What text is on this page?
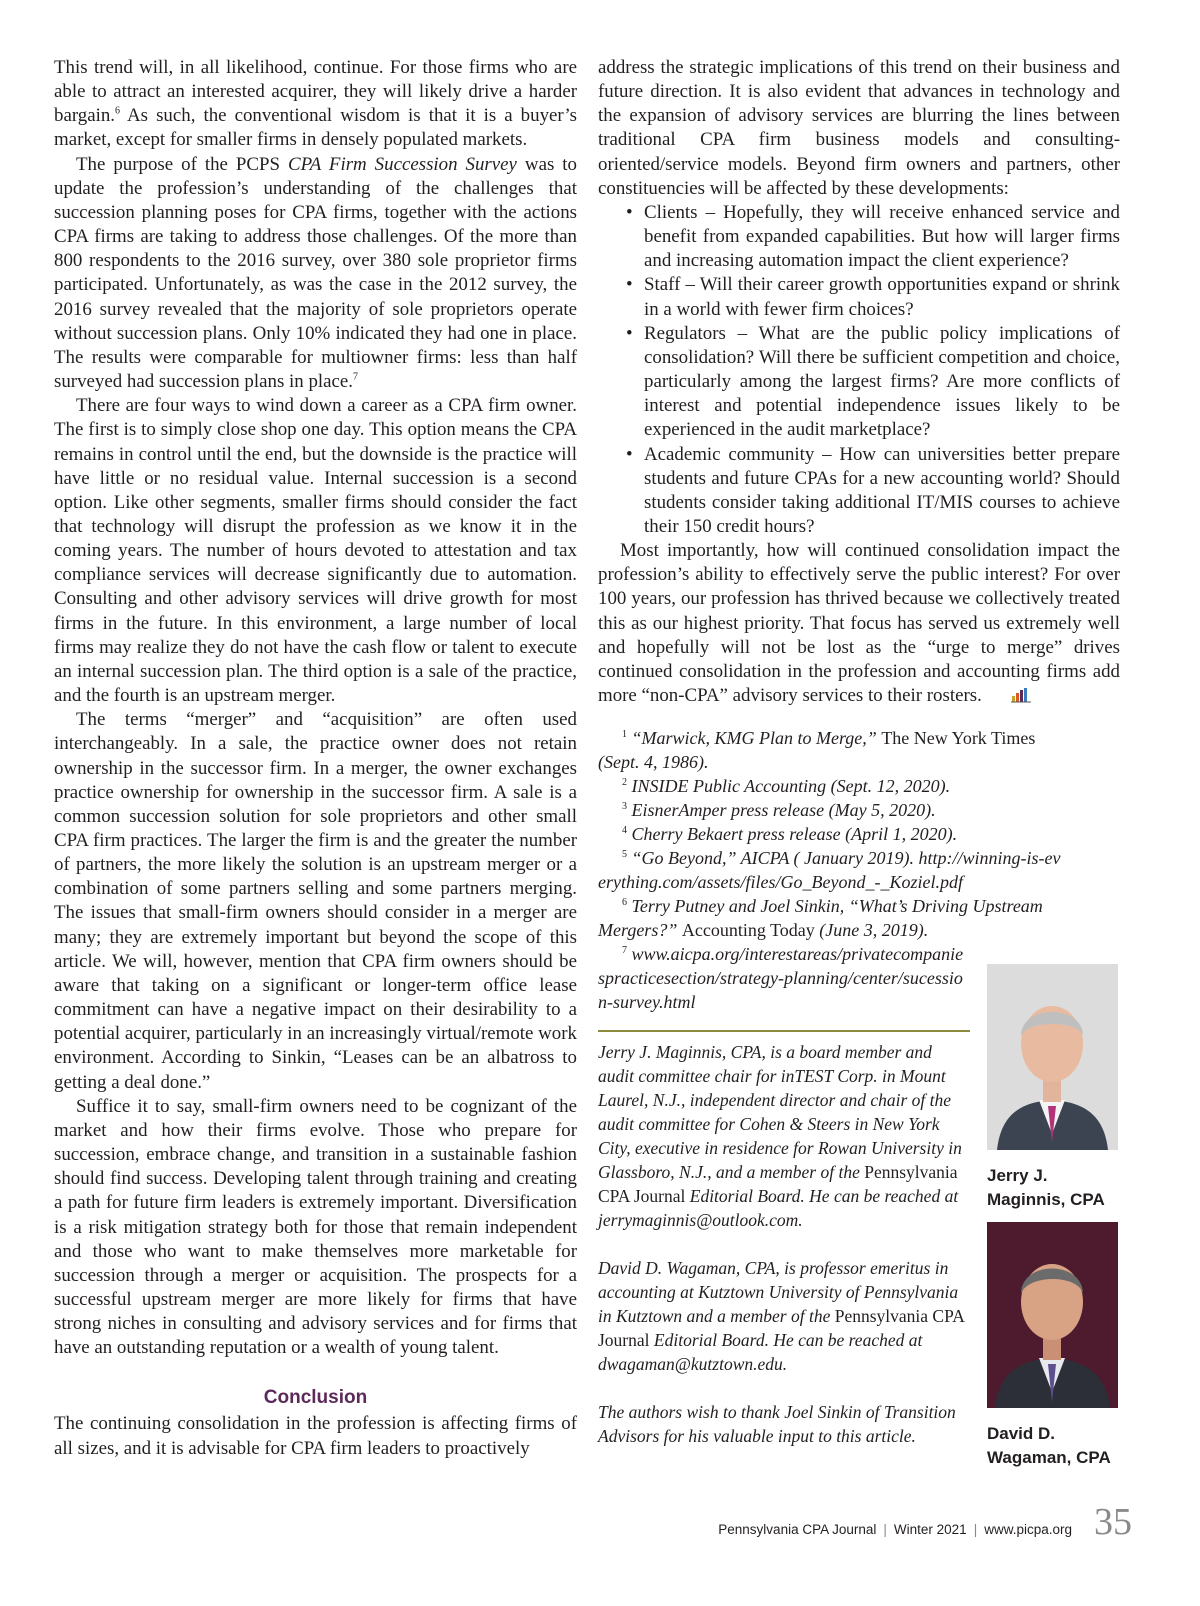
This trend will, in all likelihood, continue. For those firms who are able to attract an interested acquirer, they will likely drive a harder bargain.$^6$ As such, the conventional wisdom is that it is a buyer’s market, except for smaller firms in densely populated markets.

The purpose of the PCPS CPA Firm Succession Survey was to update the profession’s understanding of the challenges that succession planning poses for CPA firms, together with the actions CPA firms are taking to address those challenges. Of the more than 800 respondents to the 2016 survey, over 380 sole proprietor firms participated. Unfortunately, as was the case in the 2012 survey, the 2016 survey revealed that the majority of sole proprietors operate without succession plans. Only 10% indicated they had one in place. The results were comparable for multiowner firms: less than half surveyed had succession plans in place.$^7$

There are four ways to wind down a career as a CPA firm owner. The first is to simply close shop one day. This option means the CPA remains in control until the end, but the downside is the practice will have little or no residual value. Internal succession is a second option. Like other segments, smaller firms should consider the fact that technology will disrupt the profession as we know it in the coming years. The number of hours devoted to attestation and tax compliance services will decrease significantly due to automation. Consulting and other advisory services will drive growth for most firms in the future. In this environment, a large number of local firms may realize they do not have the cash flow or talent to execute an internal succession plan. The third option is a sale of the practice, and the fourth is an upstream merger.

The terms “merger” and “acquisition” are often used interchangeably. In a sale, the practice owner does not retain ownership in the successor firm. In a merger, the owner exchanges practice ownership for ownership in the successor firm. A sale is a common succession solution for sole proprietors and other small CPA firm practices. The larger the firm is and the greater the number of partners, the more likely the solution is an upstream merger or a combination of some partners selling and some partners merging. The issues that small-firm owners should consider in a merger are many; they are extremely important but beyond the scope of this article. We will, however, mention that CPA firm owners should be aware that taking on a significant or longer-term office lease commitment can have a negative impact on their desirability to a potential acquirer, particularly in an increasingly virtual/remote work environment. According to Sinkin, “Leases can be an albatross to getting a deal done.”

Suffice it to say, small-firm owners need to be cognizant of the market and how their firms evolve. Those who prepare for succession, embrace change, and transition in a sustainable fashion should find success. Developing talent through training and creating a path for future firm leaders is extremely important. Diversification is a risk mitigation strategy both for those that remain independent and those who want to make themselves more marketable for succession through a merger or acquisition. The prospects for a successful upstream merger are more likely for firms that have strong niches in consulting and advisory services and for firms that have an outstanding reputation or a wealth of young talent.

Conclusion

The continuing consolidation in the profession is affecting firms of all sizes, and it is advisable for CPA firm leaders to proactively

address the strategic implications of this trend on their business and future direction. It is also evident that advances in technology and the expansion of advisory services are blurring the lines between traditional CPA firm business models and consulting-oriented/service models. Beyond firm owners and partners, other constituencies will be affected by these developments:

• Clients – Hopefully, they will receive enhanced service and benefit from expanded capabilities. But how will larger firms and increasing automation impact the client experience?
• Staff – Will their career growth opportunities expand or shrink in a world with fewer firm choices?
• Regulators – What are the public policy implications of consolidation? Will there be sufficient competition and choice, particularly among the largest firms? Are more conflicts of interest and potential independence issues likely to be experienced in the audit marketplace?
• Academic community – How can universities better prepare students and future CPAs for a new accounting world? Should students consider taking additional IT/MIS courses to achieve their 150 credit hours?

Most importantly, how will continued consolidation impact the profession’s ability to effectively serve the public interest? For over 100 years, our profession has thrived because we collectively treated this as our highest priority. That focus has served us extremely well and hopefully will not be lost as the “urge to merge” drives continued consolidation in the profession and accounting firms add more “non-CPA” advisory services to their rosters.

$^1$ “Marwick, KMG Plan to Merge,” The New York Times (Sept. 4, 1986).

$^2$ INSIDE Public Accounting (Sept. 12, 2020).

$^3$ EisnerAmper press release (May 5, 2020).

$^4$ Cherry Bekaert press release (April 1, 2020).

$^5$ “Go Beyond,” AICPA ( January 2019). http://winning-is-everything.com/assets/files/Go_Beyond_-_Koziel.pdf

$^6$ Terry Putney and Joel Sinkin, “What’s Driving Upstream Mergers?” Accounting Today (June 3, 2019).

$^7$ www.aicpa.org/interestareas/privatecompaniespracticesection/strategy-planning/center/sucession-survey.html

Jerry J. Maginnis, CPA, is a board member and audit committee chair for inTEST Corp. in Mount Laurel, N.J., independent director and chair of the audit committee for Cohen & Steers in New York City, executive in residence for Rowan University in Glassboro, N.J., and a member of the Pennsylvania CPA Journal Editorial Board. He can be reached at jerrymaginnis@outlook.com.

David D. Wagaman, CPA, is professor emeritus in accounting at Kutztown University of Pennsylvania in Kutztown and a member of the Pennsylvania CPA Journal Editorial Board. He can be reached at dwagaman@kutztown.edu.

The authors wish to thank Joel Sinkin of Transition Advisors for his valuable input to this article.

Jerry J.
Maginnis, CPA
David D.
Wagaman, CPA
Pennsylvania CPA Journal | Winter 2021 | www.picpa.org 35
